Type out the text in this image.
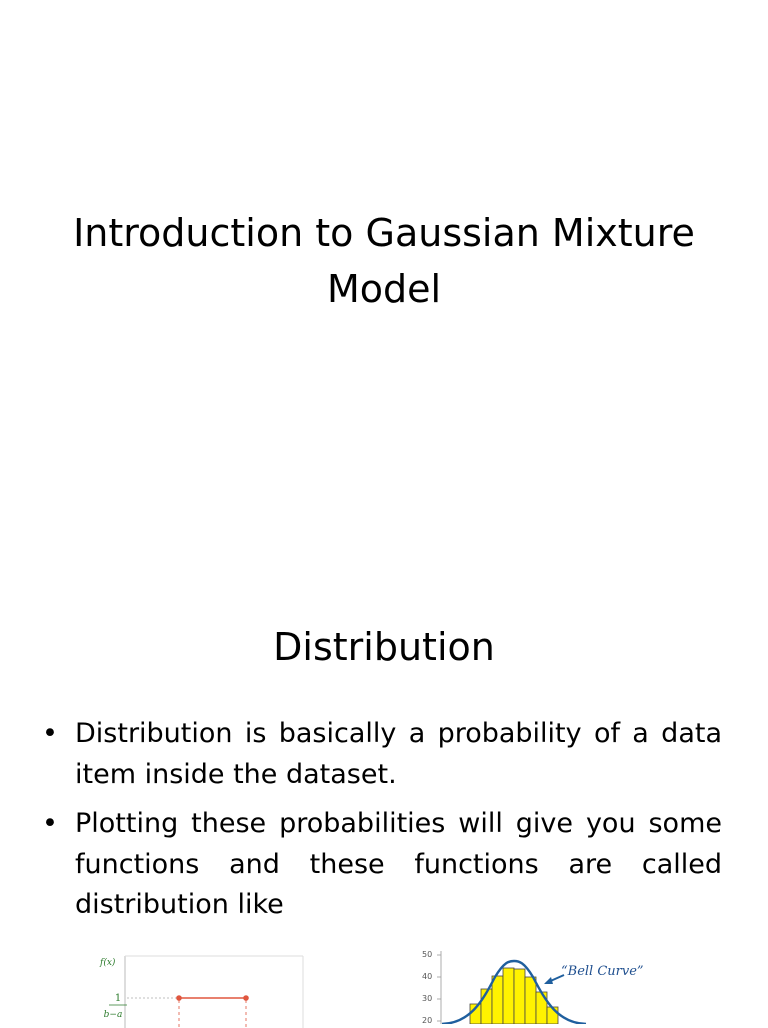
Introduction to Gaussian Mixture
Model
Distribution
• Distribution is basically a probability of a data item inside the dataset.
• Plotting these probabilities will give you some functions and these functions are called distribution like
f(x)
1
b−a
50
40
30
20
“Bell Curve”
